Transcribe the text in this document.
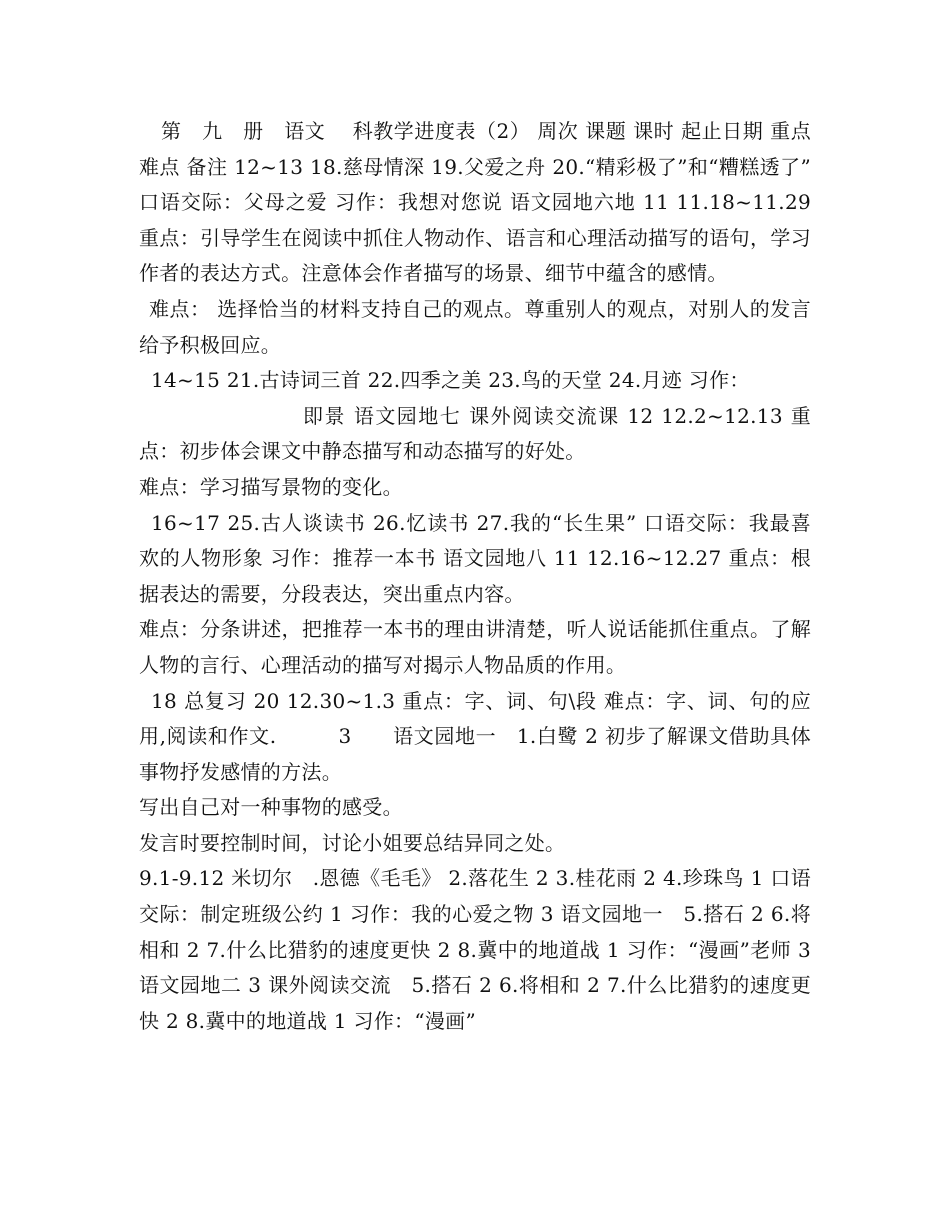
第　九　册　语文　 科教学进度表（2） 周次 课题 课时 起止日期 重点难点 备注 12~13 18.慈母情深 19.父爱之舟 20.“精彩极了”和“糟糕透了” 口语交际：父母之爱 习作：我想对您说 语文园地六地 11 11.18~11.29 重点：引导学生在阅读中抓住人物动作、语言和心理活动描写的语句，学习作者的表达方式。注意体会作者描写的场景、细节中蕴含的感情。

难点： 选择恰当的材料支持自己的观点。尊重别人的观点，对别人的发言给予积极回应。

14~15 21.古诗词三首 22.四季之美 23.鸟的天堂 24.月迹 习作：

即景 语文园地七 课外阅读交流课 12 12.2~12.13 重点：初步体会课文中静态描写和动态描写的好处。

难点：学习描写景物的变化。

16~17 25.古人谈读书 26.忆读书 27.我的“长生果” 口语交际：我最喜欢的人物形象 习作：推荐一本书 语文园地八 11 12.16~12.27 重点：根据表达的需要，分段表达，突出重点内容。

难点：分条讲述，把推荐一本书的理由讲清楚，听人说话能抓住重点。了解人物的言行、心理活动的描写对揭示人物品质的作用。

18 总复习 20 12.30~1.3 重点：字、词、句\段 难点：字、词、句的应用,阅读和作文.　　　3　　语文园地一　1.白鹭 2 初步了解课文借助具体事物抒发感情的方法。

写出自己对一种事物的感受。

发言时要控制时间，讨论小姐要总结异同之处。

9.1-9.12 米切尔　.恩德《毛毛》 2.落花生 2 3.桂花雨 2 4.珍珠鸟 1 口语交际：制定班级公约 1 习作：我的心爱之物 3 语文园地一　5.搭石 2 6.将相和 2 7.什么比猎豹的速度更快 2 8.冀中的地道战 1 习作：“漫画”老师 3 语文园地二 3 课外阅读交流　5.搭石 2 6.将相和 2 7.什么比猎豹的速度更快 2 8.冀中的地道战 1 习作：“漫画”
